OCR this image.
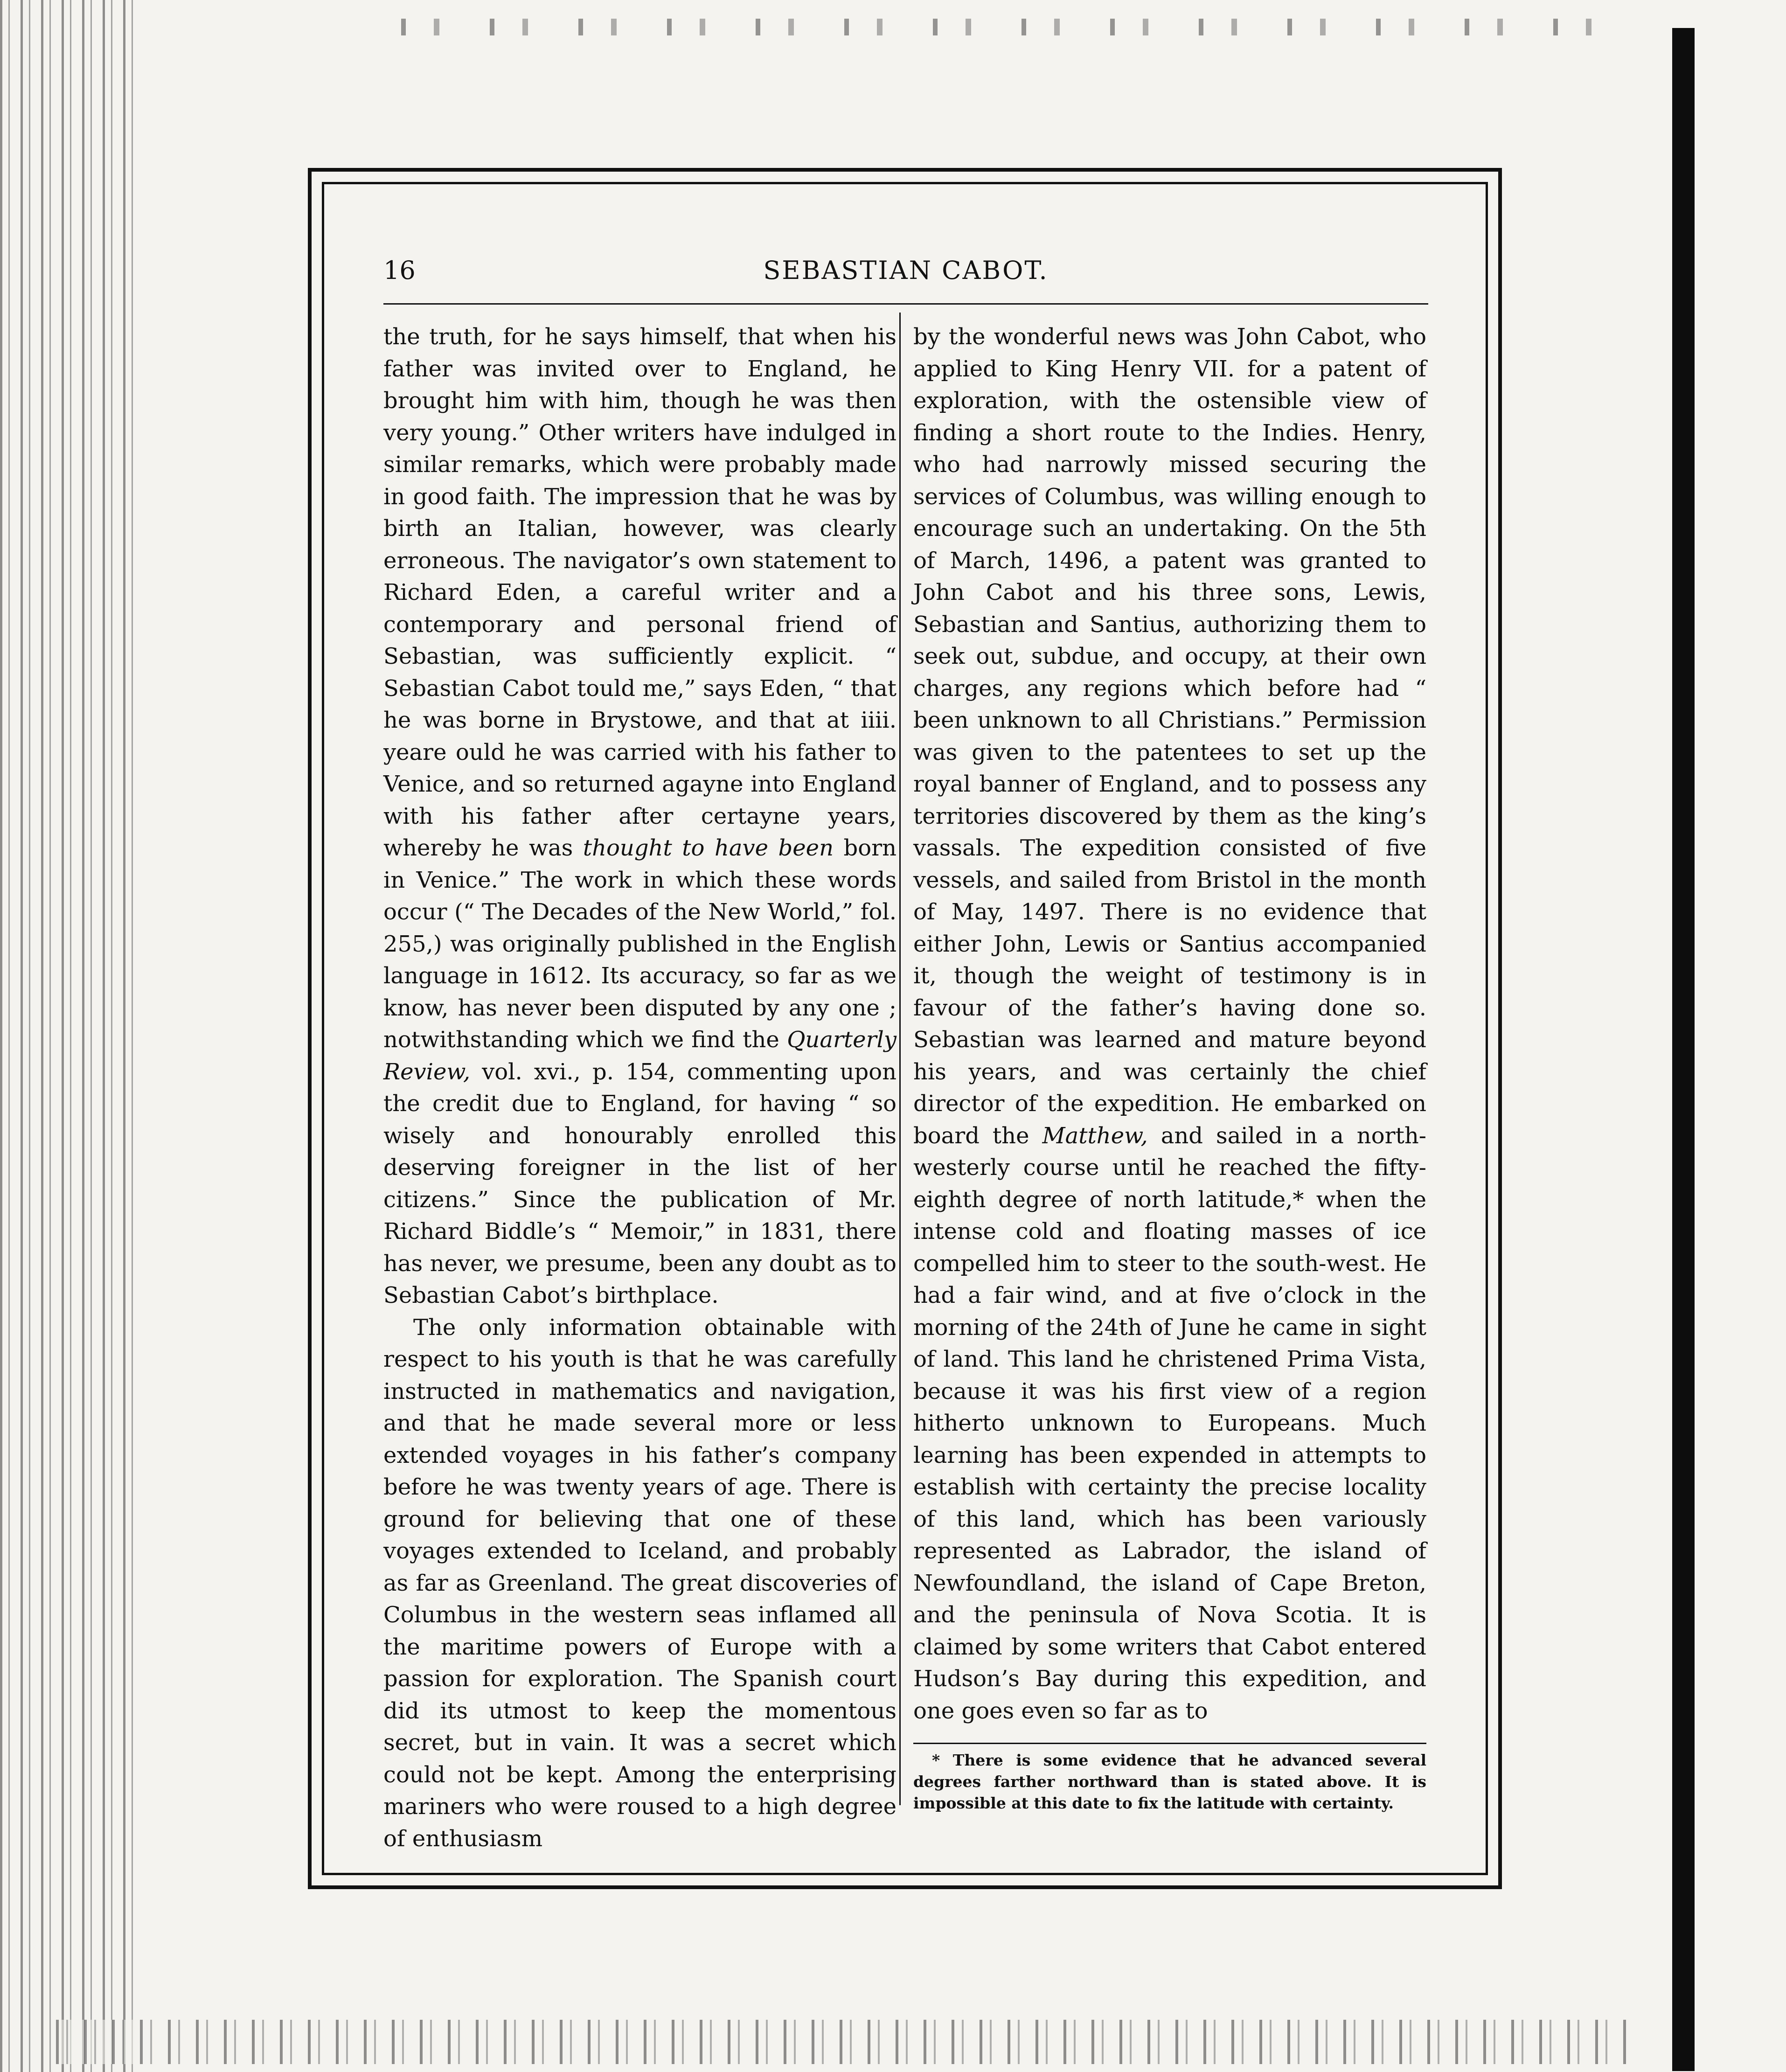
16	SEBASTIAN CABOT.

the truth, for he says himself, that when his father was invited over to England, he brought him with him, though he was then very young.” Other writers have indulged in similar remarks, which were probably made in good faith. The impression that he was by birth an Italian, however, was clearly erroneous. The navigator’s own statement to Richard Eden, a careful writer and a contemporary and personal friend of Sebastian, was sufficiently explicit. “ Sebastian Cabot tould me,” says Eden, “ that he was borne in Brystowe, and that at iiii. yeare ould he was carried with his father to Venice, and so returned agayne into England with his father after certayne years, whereby he was thought to have been born in Venice.” The work in which these words occur (“ The Decades of the New World,” fol. 255,) was originally published in the English language in 1612. Its accuracy, so far as we know, has never been disputed by any one ; notwithstanding which we find the Quarterly Review, vol. xvi., p. 154, commenting upon the credit due to England, for having “ so wisely and honourably enrolled this deserving foreigner in the list of her citizens.” Since the publication of Mr. Richard Biddle’s “ Memoir,” in 1831, there has never, we presume, been any doubt as to Sebastian Cabot’s birthplace.

The only information obtainable with respect to his youth is that he was carefully instructed in mathematics and navigation, and that he made several more or less extended voyages in his father’s company before he was twenty years of age. There is ground for believing that one of these voyages extended to Iceland, and probably as far as Greenland. The great discoveries of Columbus in the western seas inflamed all the maritime powers of Europe with a passion for exploration. The Spanish court did its utmost to keep the momentous secret, but in vain. It was a secret which could not be kept. Among the enterprising mariners who were roused to a high degree of enthusiasm

by the wonderful news was John Cabot, who applied to King Henry VII. for a patent of exploration, with the ostensible view of finding a short route to the Indies. Henry, who had narrowly missed securing the services of Columbus, was willing enough to encourage such an undertaking. On the 5th of March, 1496, a patent was granted to John Cabot and his three sons, Lewis, Sebastian and Santius, authorizing them to seek out, subdue, and occupy, at their own charges, any regions which before had “ been unknown to all Christians.” Permission was given to the patentees to set up the royal banner of England, and to possess any territories discovered by them as the king’s vassals. The expedition consisted of five vessels, and sailed from Bristol in the month of May, 1497. There is no evidence that either John, Lewis or Santius accompanied it, though the weight of testimony is in favour of the father’s having done so. Sebastian was learned and mature beyond his years, and was certainly the chief director of the expedition. He embarked on board the Matthew, and sailed in a north-westerly course until he reached the fifty-eighth degree of north latitude,* when the intense cold and floating masses of ice compelled him to steer to the south-west. He had a fair wind, and at five o’clock in the morning of the 24th of June he came in sight of land. This land he christened Prima Vista, because it was his first view of a region hitherto unknown to Europeans. Much learning has been expended in attempts to establish with certainty the precise locality of this land, which has been variously represented as Labrador, the island of Newfoundland, the island of Cape Breton, and the peninsula of Nova Scotia. It is claimed by some writers that Cabot entered Hudson’s Bay during this expedition, and one goes even so far as to

* There is some evidence that he advanced several degrees farther northward than is stated above. It is impossible at this date to fix the latitude with certainty.
